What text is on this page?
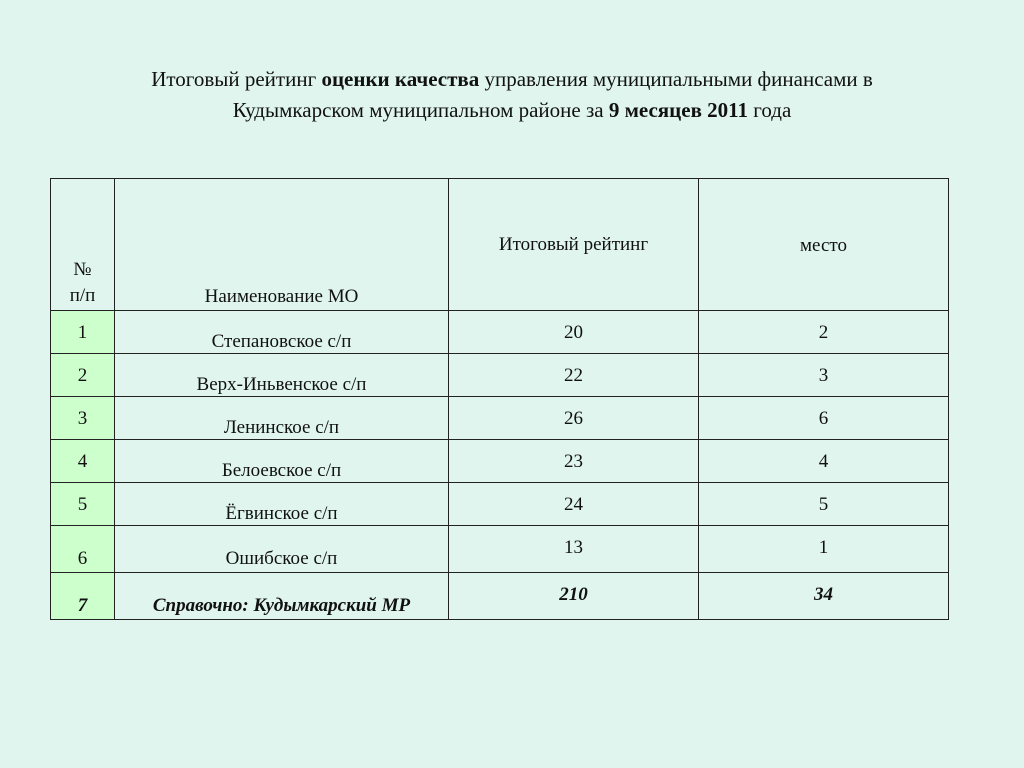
Итоговый рейтинг оценки качества управления муниципальными финансами в
Кудымкарском муниципальном районе за 9 месяцев 2011 года
№
п/п	Наименование МО	Итоговый рейтинг	место

1	Степановское с/п	20	2

2	Верх-Иньвенское с/п	22	3

3	Ленинское с/п	26	6

4	Белоевское с/п	23	4

5	Ёгвинское с/п	24	5

6	Ошибское с/п	13	1

7	Справочно: Кудымкарский МР	210	34
